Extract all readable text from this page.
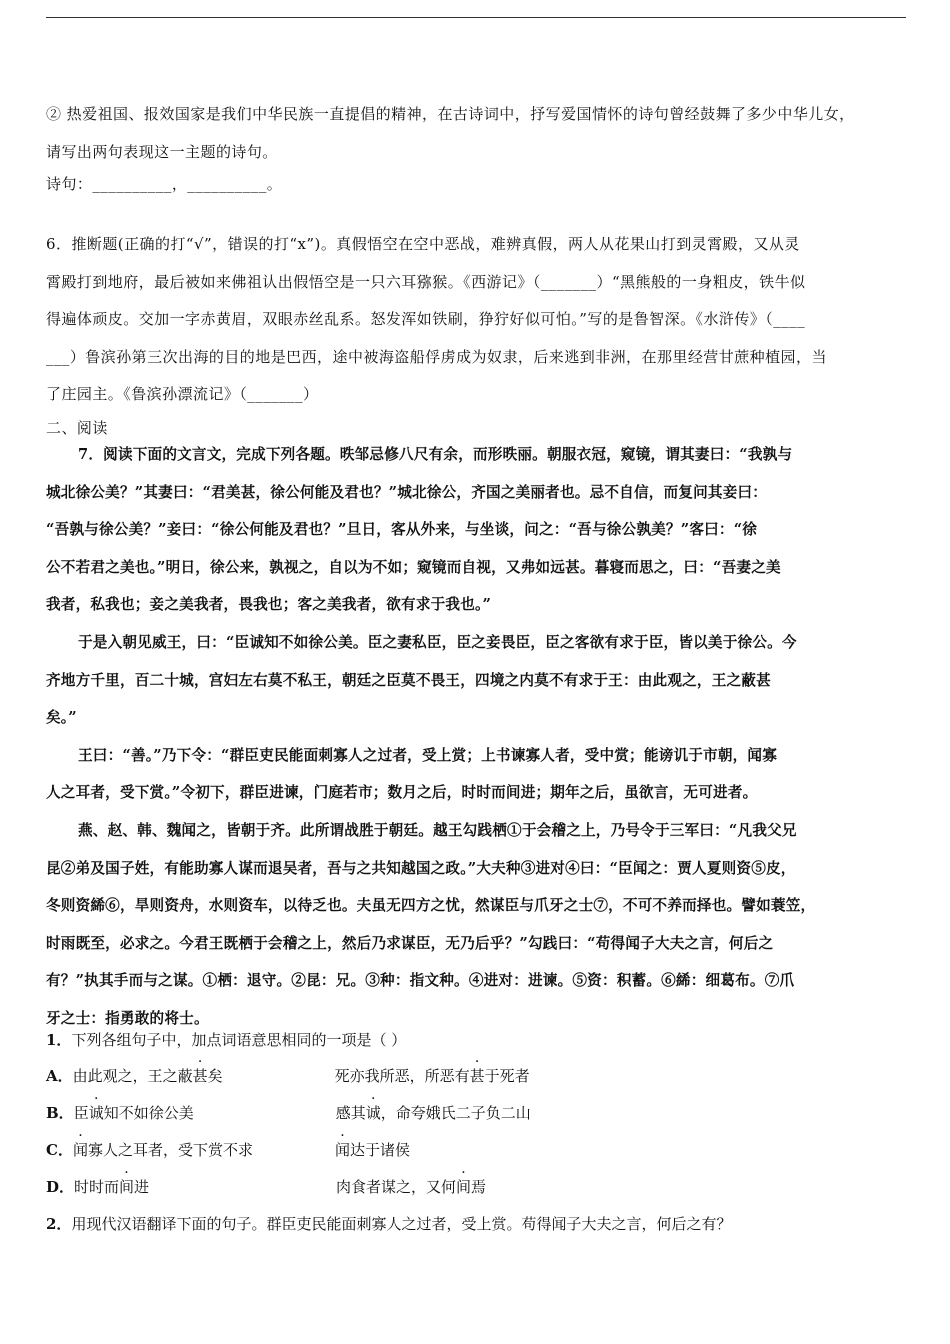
② 热爱祖国、报效国家是我们中华民族一直提倡的精神，在古诗词中，抒写爱国情怀的诗句曾经鼓舞了多少中华儿女，
请写出两句表现这一主题的诗句。
诗句：__________，__________。
6．推断题(正确的打“√”，错误的打“x”)。真假悟空在空中恶战，难辨真假，两人从花果山打到灵霄殿，又从灵
霄殿打到地府，最后被如来佛祖认出假悟空是一只六耳猕猴。《西游记》（_______）“黑熊般的一身粗皮，铁牛似
得遍体顽皮。交加一字赤黄眉，双眼赤丝乱系。怒发浑如铁刷，狰狞好似可怕。”写的是鲁智深。《水浒传》（____
___）鲁滨孙第三次出海的目的地是巴西，途中被海盗船俘虏成为奴隶，后来逃到非洲，在那里经营甘蔗种植园，当
了庄园主。《鲁滨孙漂流记》（_______）
二、阅读
7．阅读下面的文言文，完成下列各题。昳邹忌修八尺有余，而形昳丽。朝服衣冠，窥镜，谓其妻曰：“我孰与
城北徐公美？”其妻曰：“君美甚，徐公何能及君也？”城北徐公，齐国之美丽者也。忌不自信，而复问其妾曰：
“吾孰与徐公美？”妾曰：“徐公何能及君也？”旦日，客从外来，与坐谈，问之：“吾与徐公孰美？”客曰：“徐
公不若君之美也。”明日，徐公来，孰视之，自以为不如；窥镜而自视，又弗如远甚。暮寝而思之，曰：“吾妻之美
我者，私我也；妾之美我者，畏我也；客之美我者，欲有求于我也。”
于是入朝见威王，曰：“臣诚知不如徐公美。臣之妻私臣，臣之妾畏臣，臣之客欲有求于臣，皆以美于徐公。今
齐地方千里，百二十城，宫妇左右莫不私王，朝廷之臣莫不畏王，四境之内莫不有求于王：由此观之，王之蔽甚
矣。”
王曰：“善。”乃下令：“群臣吏民能面刺寡人之过者，受上赏；上书谏寡人者，受中赏；能谤讥于市朝，闻寡
人之耳者，受下赏。”令初下，群臣进谏，门庭若市；数月之后，时时而间进；期年之后，虽欲言，无可进者。
燕、赵、韩、魏闻之，皆朝于齐。此所谓战胜于朝廷。越王勾践栖①于会稽之上，乃号令于三军曰：“凡我父兄
昆②弟及国子姓，有能助寡人谋而退吴者，吾与之共知越国之政。”大夫种③进对④曰：“臣闻之：贾人夏则资⑤皮，
冬则资絺⑥，旱则资舟，水则资车，以待乏也。夫虽无四方之忧，然谋臣与爪牙之士⑦，不可不养而择也。譬如蓑笠，
时雨既至，必求之。今君王既栖于会稽之上，然后乃求谋臣，无乃后乎？”勾践曰：“苟得闻子大夫之言，何后之
有？”执其手而与之谋。①栖：退守。②昆：兄。③种：指文种。④进对：进谏。⑤资：积蓄。⑥絺：细葛布。⑦爪
牙之士：指勇敢的将士。
1．下列各组句子中，加点词语意思相同的一项是（ ）
A．由此观之，王之蔽甚矣	死亦我所恶，所恶有甚于死者
B．臣诚知不如徐公美	感其诚，命夸娥氏二子负二山
C．闻寡人之耳者，受下赏不求	闻达于诸侯
D．时时而间进	肉食者谋之，又何间焉
2．用现代汉语翻译下面的句子。群臣吏民能面刺寡人之过者，受上赏。苟得闻子大夫之言，何后之有？
